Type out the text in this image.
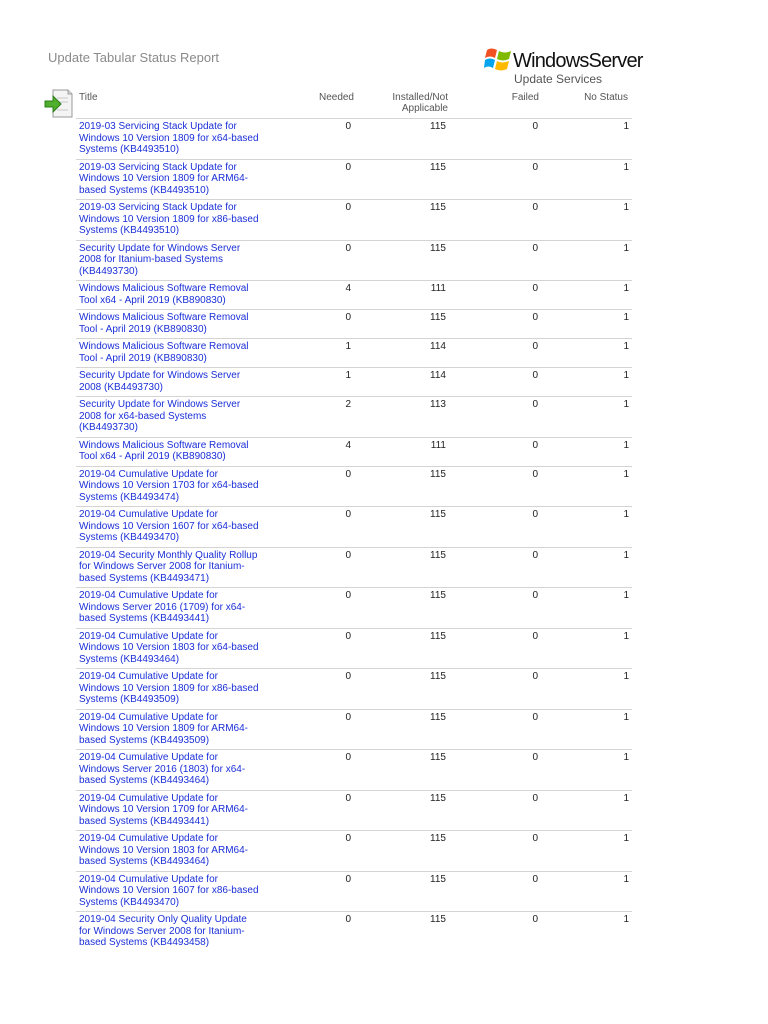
Update Tabular Status Report	WindowsServer
Update Services
Title	Needed	Installed/Not Applicable	Failed	No Status
2019-03 Servicing Stack Update for Windows 10 Version 1809 for x64-based Systems (KB4493510)	0	115	0	1
2019-03 Servicing Stack Update for Windows 10 Version 1809 for ARM64-based Systems (KB4493510)	0	115	0	1
2019-03 Servicing Stack Update for Windows 10 Version 1809 for x86-based Systems (KB4493510)	0	115	0	1
Security Update for Windows Server 2008 for Itanium-based Systems (KB4493730)	0	115	0	1
Windows Malicious Software Removal Tool x64 - April 2019 (KB890830)	4	111	0	1
Windows Malicious Software Removal Tool - April 2019 (KB890830)	0	115	0	1
Windows Malicious Software Removal Tool - April 2019 (KB890830)	1	114	0	1
Security Update for Windows Server 2008 (KB4493730)	1	114	0	1
Security Update for Windows Server 2008 for x64-based Systems (KB4493730)	2	113	0	1
Windows Malicious Software Removal Tool x64 - April 2019 (KB890830)	4	111	0	1
2019-04 Cumulative Update for Windows 10 Version 1703 for x64-based Systems (KB4493474)	0	115	0	1
2019-04 Cumulative Update for Windows 10 Version 1607 for x64-based Systems (KB4493470)	0	115	0	1
2019-04 Security Monthly Quality Rollup for Windows Server 2008 for Itanium-based Systems (KB4493471)	0	115	0	1
2019-04 Cumulative Update for Windows Server 2016 (1709) for x64-based Systems (KB4493441)	0	115	0	1
2019-04 Cumulative Update for Windows 10 Version 1803 for x64-based Systems (KB4493464)	0	115	0	1
2019-04 Cumulative Update for Windows 10 Version 1809 for x86-based Systems (KB4493509)	0	115	0	1
2019-04 Cumulative Update for Windows 10 Version 1809 for ARM64-based Systems (KB4493509)	0	115	0	1
2019-04 Cumulative Update for Windows Server 2016 (1803) for x64-based Systems (KB4493464)	0	115	0	1
2019-04 Cumulative Update for Windows 10 Version 1709 for ARM64-based Systems (KB4493441)	0	115	0	1
2019-04 Cumulative Update for Windows 10 Version 1803 for ARM64-based Systems (KB4493464)	0	115	0	1
2019-04 Cumulative Update for Windows 10 Version 1607 for x86-based Systems (KB4493470)	0	115	0	1
2019-04 Security Only Quality Update for Windows Server 2008 for Itanium-based Systems (KB4493458)	0	115	0	1
